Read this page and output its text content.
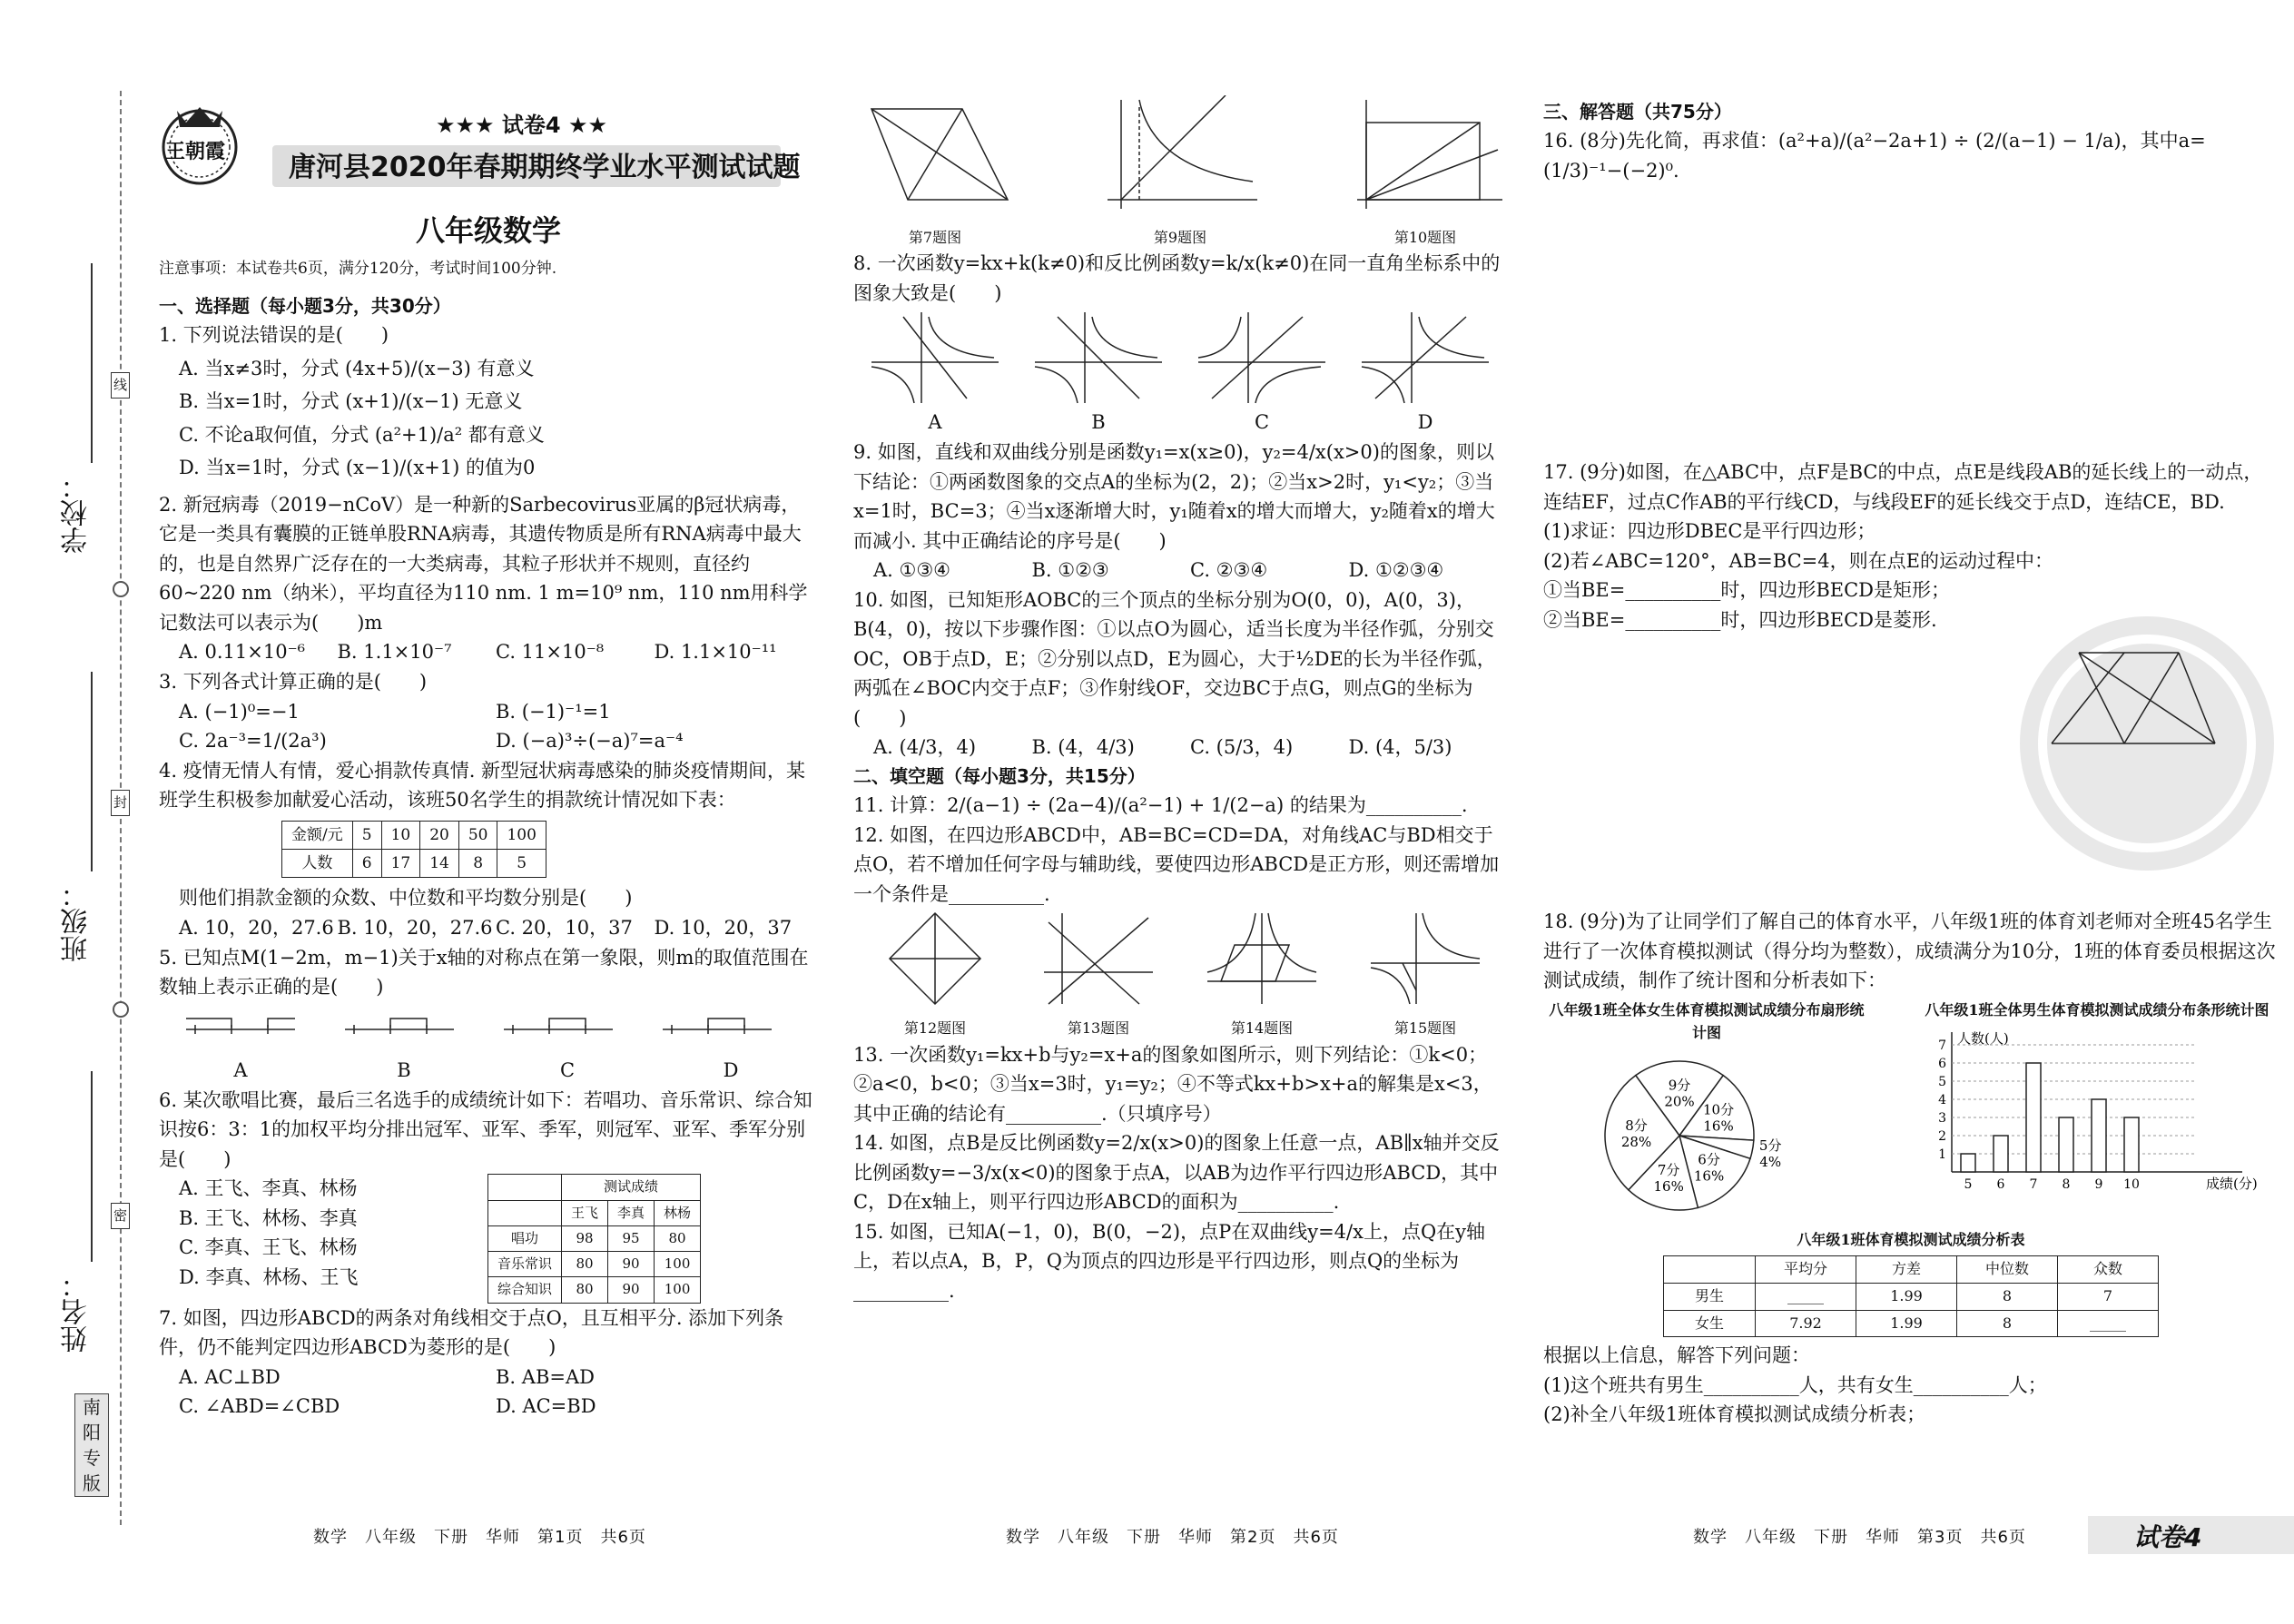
学校：
班级：
姓名：
线
封
密
南
阳
专
版
王朝霞
★★★ 试卷4 ★★
唐河县2020年春期期终学业水平测试试题
八年级数学
注意事项：本试卷共6页，满分120分，考试时间100分钟.
一、选择题（每小题3分，共30分）

1. 下列说法错误的是(　　)

A. 当x≠3时，分式 (4x+5)/(x−3) 有意义

B. 当x=1时，分式 (x+1)/(x−1) 无意义

C. 不论a取何值，分式 (a²+1)/a² 都有意义

D. 当x=1时，分式 (x−1)/(x+1) 的值为0

2. 新冠病毒（2019−nCoV）是一种新的Sarbecovirus亚属的β冠状病毒，它是一类具有囊膜的正链单股RNA病毒，其遗传物质是所有RNA病毒中最大的，也是自然界广泛存在的一大类病毒，其粒子形状并不规则，直径约60~220 nm（纳米），平均直径为110 nm. 1 m=10⁹ nm，110 nm用科学记数法可以表示为(　　)m

A. 0.11×10⁻⁶	B. 1.1×10⁻⁷	C. 11×10⁻⁸	D. 1.1×10⁻¹¹

3. 下列各式计算正确的是(　　)

A. (−1)⁰=−1	B. (−1)⁻¹=1
C. 2a⁻³=1/(2a³)	D. (−a)³÷(−a)⁷=a⁻⁴

4. 疫情无情人有情，爱心捐款传真情. 新型冠状病毒感染的肺炎疫情期间，某班学生积极参加献爱心活动，该班50名学生的捐款统计情况如下表：

金额/元	5	10	20	50	100
人数	6	17	14	8	5

则他们捐款金额的众数、中位数和平均数分别是(　　)

A. 10，20，27.6 B. 10，20，27.6 C. 20，10，37	D. 10，20，37

5. 已知点M(1−2m，m−1)关于x轴的对称点在第一象限，则m的取值范围在数轴上表示正确的是(　　)

A	B	C	D

6. 某次歌唱比赛，最后三名选手的成绩统计如下：若唱功、音乐常识、综合知识按6：3：1的加权平均分排出冠军、亚军、季军，则冠军、亚军、季军分别是(　　)

A. 王飞、李真、林杨
B. 王飞、林杨、李真
C. 李真、王飞、林杨
D. 李真、林杨、王飞
	测试成绩		
	王飞	李真	林杨
唱功	98	95	80
音乐常识	80	90	100
综合知识	80	90	100

7. 如图，四边形ABCD的两条对角线相交于点O，且互相平分. 添加下列条件，仍不能判定四边形ABCD为菱形的是(　　)

A. AC⊥BD	B. AB=AD
C. ∠ABD=∠CBD	D. AC=BD
第7题图	第9题图	第10题图

8. 一次函数y=kx+k(k≠0)和反比例函数y=k/x(k≠0)在同一直角坐标系中的图象大致是(　　)

A	B	C	D

9. 如图，直线和双曲线分别是函数y₁=x(x≥0)，y₂=4/x(x>0)的图象，则以下结论：①两函数图象的交点A的坐标为(2，2)；②当x>2时，y₁<y₂；③当x=1时，BC=3；④当x逐渐增大时，y₁随着x的增大而增大，y₂随着x的增大而减小. 其中正确结论的序号是(　　)

A. ①③④	B. ①②③	C. ②③④	D. ①②③④

10. 如图，已知矩形AOBC的三个顶点的坐标分别为O(0，0)，A(0，3)，B(4，0)，按以下步骤作图：①以点O为圆心，适当长度为半径作弧，分别交OC，OB于点D，E；②分别以点D，E为圆心，大于½DE的长为半径作弧，两弧在∠BOC内交于点F；③作射线OF，交边BC于点G，则点G的坐标为(　　)

A. (4/3，4)	B. (4，4/3)	C. (5/3，4)	D. (4，5/3)
二、填空题（每小题3分，共15分）

11. 计算：2/(a−1) ÷ (2a−4)/(a²−1) + 1/(2−a) 的结果为__________.

12. 如图，在四边形ABCD中，AB=BC=CD=DA，对角线AC与BD相交于点O，若不增加任何字母与辅助线，要使四边形ABCD是正方形，则还需增加一个条件是__________.

第12题图	第13题图	第14题图	第15题图

13. 一次函数y₁=kx+b与y₂=x+a的图象如图所示，则下列结论：①k<0；②a<0，b<0；③当x=3时，y₁=y₂；④不等式kx+b>x+a的解集是x<3，其中正确的结论有__________.（只填序号）

14. 如图，点B是反比例函数y=2/x(x>0)的图象上任意一点，AB∥x轴并交反比例函数y=−3/x(x<0)的图象于点A，以AB为边作平行四边形ABCD，其中C，D在x轴上，则平行四边形ABCD的面积为__________.

15. 如图，已知A(−1，0)，B(0，−2)，点P在双曲线y=4/x上，点Q在y轴上，若以点A，B，P，Q为顶点的四边形是平行四边形，则点Q的坐标为__________.

三、解答题（共75分）

16. (8分)先化简，再求值：(a²+a)/(a²−2a+1) ÷ (2/(a−1) − 1/a)，其中a=(1/3)⁻¹−(−2)⁰.

17. (9分)如图，在△ABC中，点F是BC的中点，点E是线段AB的延长线上的一动点，连结EF，过点C作AB的平行线CD，与线段EF的延长线交于点D，连结CE，BD.

(1)求证：四边形DBEC是平行四边形；

(2)若∠ABC=120°，AB=BC=4，则在点E的运动过程中：

①当BE=__________时，四边形BECD是矩形；

②当BE=__________时，四边形BECD是菱形.

18. (9分)为了让同学们了解自己的体育水平，八年级1班的体育刘老师对全班45名学生进行了一次体育模拟测试（得分均为整数），成绩满分为10分，1班的体育委员根据这次测试成绩，制作了统计图和分析表如下：

八年级1班全体女生体育模拟测试成绩分布扇形统计图
9分
20%
10分
16%
5分
4%
6分
16%
7分
16%
8分
28%
八年级1班全体男生体育模拟测试成绩分布条形统计图
人数(人)
成绩(分)
1
2
3
4
5
6
7
5 6 7 8 9 10
八年级1班体育模拟测试成绩分析表
	平均分	方差	中位数	众数
男生	_____	1.99	8	7
女生	7.92	1.99	8	_____

根据以上信息，解答下列问题：

(1)这个班共有男生__________人，共有女生__________人；

(2)补全八年级1班体育模拟测试成绩分析表；

数学　八年级　下册　华师　第1页　共6页	数学　八年级　下册　华师　第2页　共6页	数学　八年级　下册　华师　第3页　共6页	试卷4
